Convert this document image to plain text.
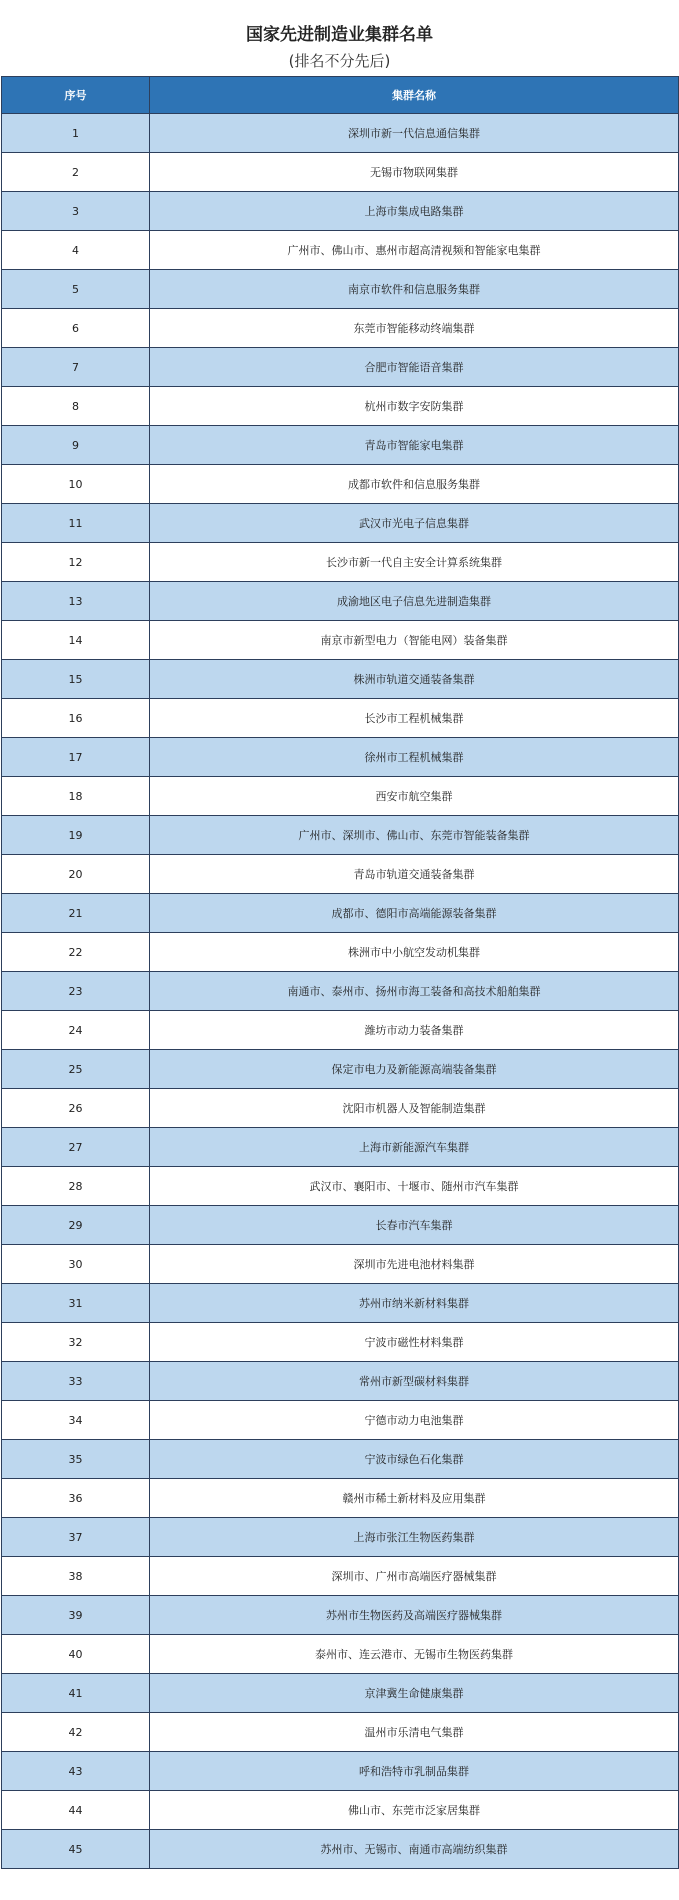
国家先进制造业集群名单
(排名不分先后)
序号	集群名称
1	深圳市新一代信息通信集群
2	无锡市物联网集群
3	上海市集成电路集群
4	广州市、佛山市、惠州市超高清视频和智能家电集群
5	南京市软件和信息服务集群
6	东莞市智能移动终端集群
7	合肥市智能语音集群
8	杭州市数字安防集群
9	青岛市智能家电集群
10	成都市软件和信息服务集群
11	武汉市光电子信息集群
12	长沙市新一代自主安全计算系统集群
13	成渝地区电子信息先进制造集群
14	南京市新型电力（智能电网）装备集群
15	株洲市轨道交通装备集群
16	长沙市工程机械集群
17	徐州市工程机械集群
18	西安市航空集群
19	广州市、深圳市、佛山市、东莞市智能装备集群
20	青岛市轨道交通装备集群
21	成都市、德阳市高端能源装备集群
22	株洲市中小航空发动机集群
23	南通市、泰州市、扬州市海工装备和高技术船舶集群
24	潍坊市动力装备集群
25	保定市电力及新能源高端装备集群
26	沈阳市机器人及智能制造集群
27	上海市新能源汽车集群
28	武汉市、襄阳市、十堰市、随州市汽车集群
29	长春市汽车集群
30	深圳市先进电池材料集群
31	苏州市纳米新材料集群
32	宁波市磁性材料集群
33	常州市新型碳材料集群
34	宁德市动力电池集群
35	宁波市绿色石化集群
36	赣州市稀土新材料及应用集群
37	上海市张江生物医药集群
38	深圳市、广州市高端医疗器械集群
39	苏州市生物医药及高端医疗器械集群
40	泰州市、连云港市、无锡市生物医药集群
41	京津冀生命健康集群
42	温州市乐清电气集群
43	呼和浩特市乳制品集群
44	佛山市、东莞市泛家居集群
45	苏州市、无锡市、南通市高端纺织集群
